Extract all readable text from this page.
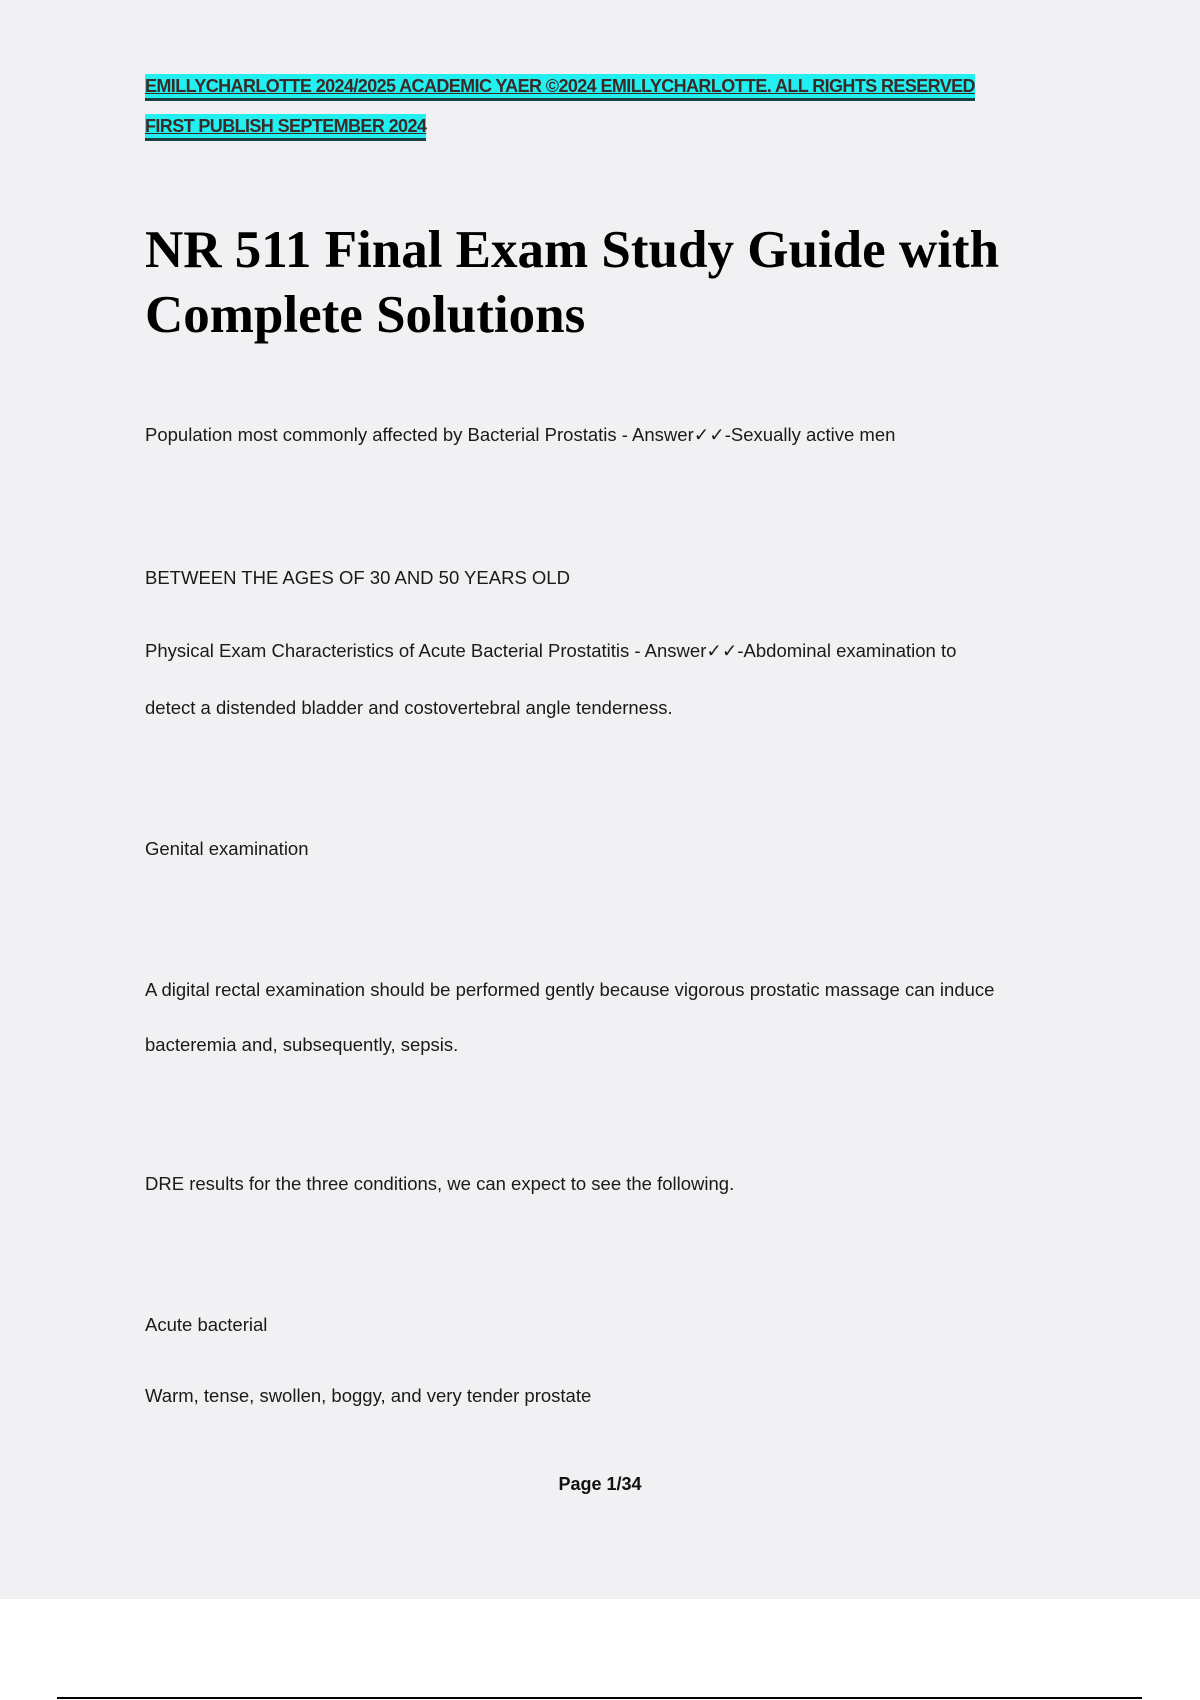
EMILLYCHARLOTTE 2024/2025 ACADEMIC YAER ©2024 EMILLYCHARLOTTE. ALL RIGHTS RESERVED
FIRST PUBLISH SEPTEMBER 2024
NR 511 Final Exam Study Guide with
Complete Solutions
Population most commonly affected by Bacterial Prostatis - Answer✓✓-Sexually active men
BETWEEN THE AGES OF 30 AND 50 YEARS OLD
Physical Exam Characteristics of Acute Bacterial Prostatitis - Answer✓✓-Abdominal examination to
detect a distended bladder and costovertebral angle tenderness.
Genital examination
A digital rectal examination should be performed gently because vigorous prostatic massage can induce
bacteremia and, subsequently, sepsis.
DRE results for the three conditions, we can expect to see the following.
Acute bacterial
Warm, tense, swollen, boggy, and very tender prostate
Page 1/34
